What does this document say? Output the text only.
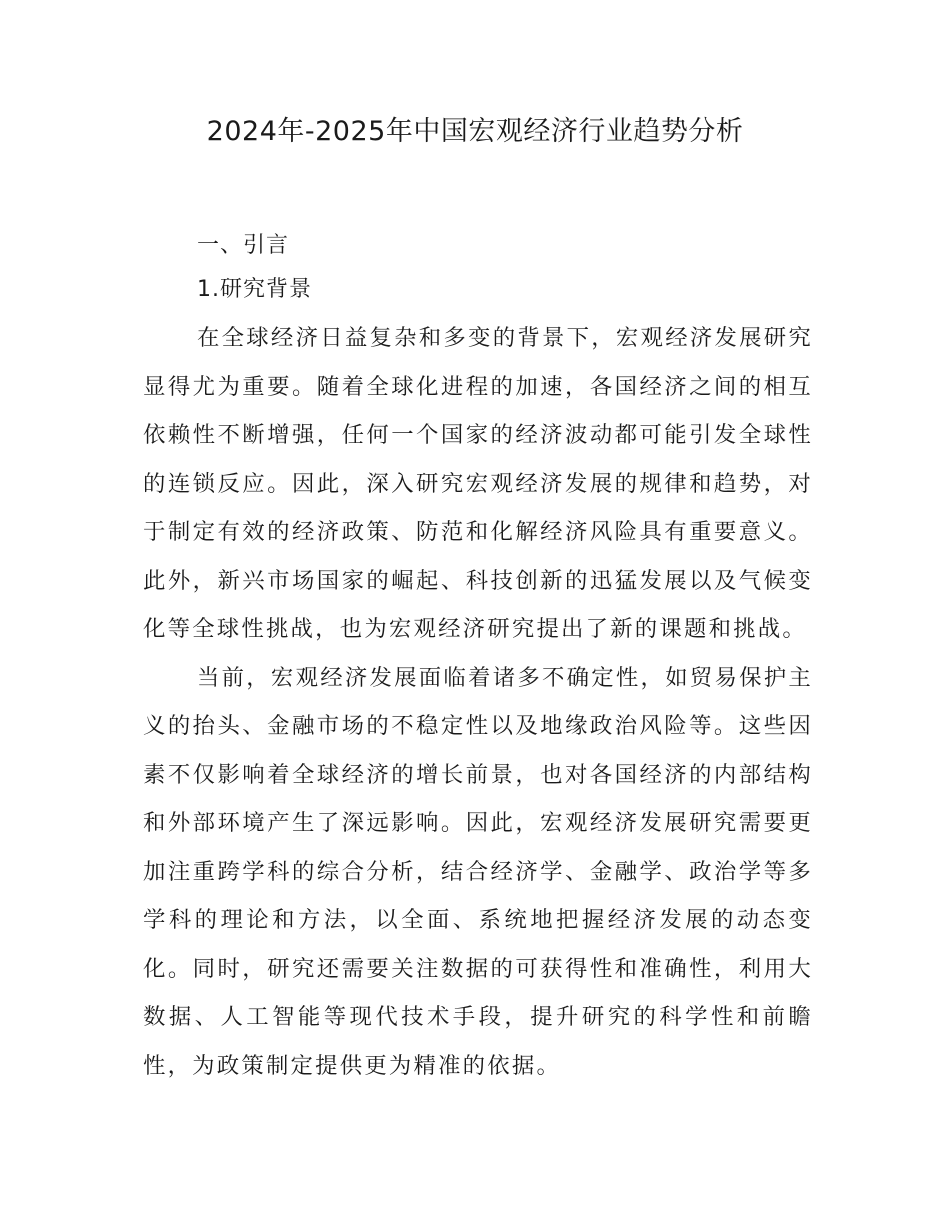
2024年-2025年中国宏观经济行业趋势分析
一、引言
1.研究背景

在全球经济日益复杂和多变的背景下，宏观经济发展研究显得尤为重要。随着全球化进程的加速，各国经济之间的相互依赖性不断增强，任何一个国家的经济波动都可能引发全球性的连锁反应。因此，深入研究宏观经济发展的规律和趋势，对于制定有效的经济政策、防范和化解经济风险具有重要意义。此外，新兴市场国家的崛起、科技创新的迅猛发展以及气候变化等全球性挑战，也为宏观经济研究提出了新的课题和挑战。

当前，宏观经济发展面临着诸多不确定性，如贸易保护主义的抬头、金融市场的不稳定性以及地缘政治风险等。这些因素不仅影响着全球经济的增长前景，也对各国经济的内部结构和外部环境产生了深远影响。因此，宏观经济发展研究需要更加注重跨学科的综合分析，结合经济学、金融学、政治学等多学科的理论和方法，以全面、系统地把握经济发展的动态变化。同时，研究还需要关注数据的可获得性和准确性，利用大数据、人工智能等现代技术手段，提升研究的科学性和前瞻性，为政策制定提供更为精准的依据。
